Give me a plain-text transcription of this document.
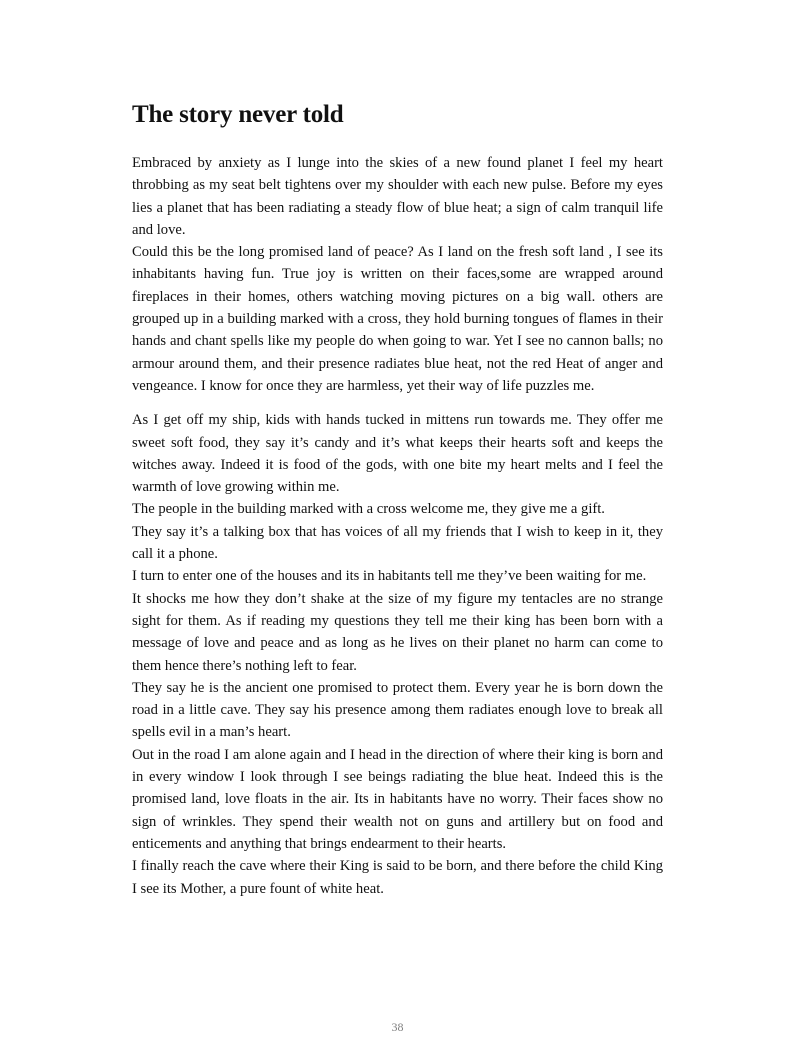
The story never told

Embraced by anxiety as I lunge into the skies of a new found planet I feel my heart throbbing as my seat belt tightens over my shoulder with each new pulse. Before my eyes lies a planet that has been radiating a steady flow of blue heat; a sign of calm tranquil life and love.

Could this be the long promised land of peace? As I land on the fresh soft land , I see its inhabitants having fun. True joy is written on their faces,some are wrapped around fireplaces in their homes, others watching moving pictures on a big wall. others are grouped up in a building marked with a cross, they hold burning tongues of flames in their hands and chant spells like my people do when going to war. Yet I see no cannon balls; no armour around them, and their presence radiates blue heat, not the red Heat of anger and vengeance. I know for once they are harmless, yet their way of life puzzles me.

As I get off my ship, kids with hands tucked in mittens run towards me. They offer me sweet soft food, they say it’s candy and it’s what keeps their hearts soft and keeps the witches away. Indeed it is food of the gods, with one bite my heart melts and I feel the warmth of love growing within me.

The people in the building marked with a cross welcome me, they give me a gift.

They say it’s a talking box that has voices of all my friends that I wish to keep in it, they call it a phone.

I turn to enter one of the houses and its in habitants tell me they’ve been waiting for me.

It shocks me how they don’t shake at the size of my figure my tentacles are no strange sight for them. As if reading my questions they tell me their king has been born with a message of love and peace and as long as he lives on their planet no harm can come to them hence there’s nothing left to fear.

They say he is the ancient one promised to protect them. Every year he is born down the road in a little cave. They say his presence among them radiates enough love to break all spells evil in a man’s heart.

Out in the road I am alone again and I head in the direction of where their king is born and in every window I look through I see beings radiating the blue heat. Indeed this is the promised land, love floats in the air. Its in habitants have no worry. Their faces show no sign of wrinkles. They spend their wealth not on guns and artillery but on food and enticements and anything that brings endearment to their hearts.

I finally reach the cave where their King is said to be born, and there before the child King I see its Mother, a pure fount of white heat.

38
